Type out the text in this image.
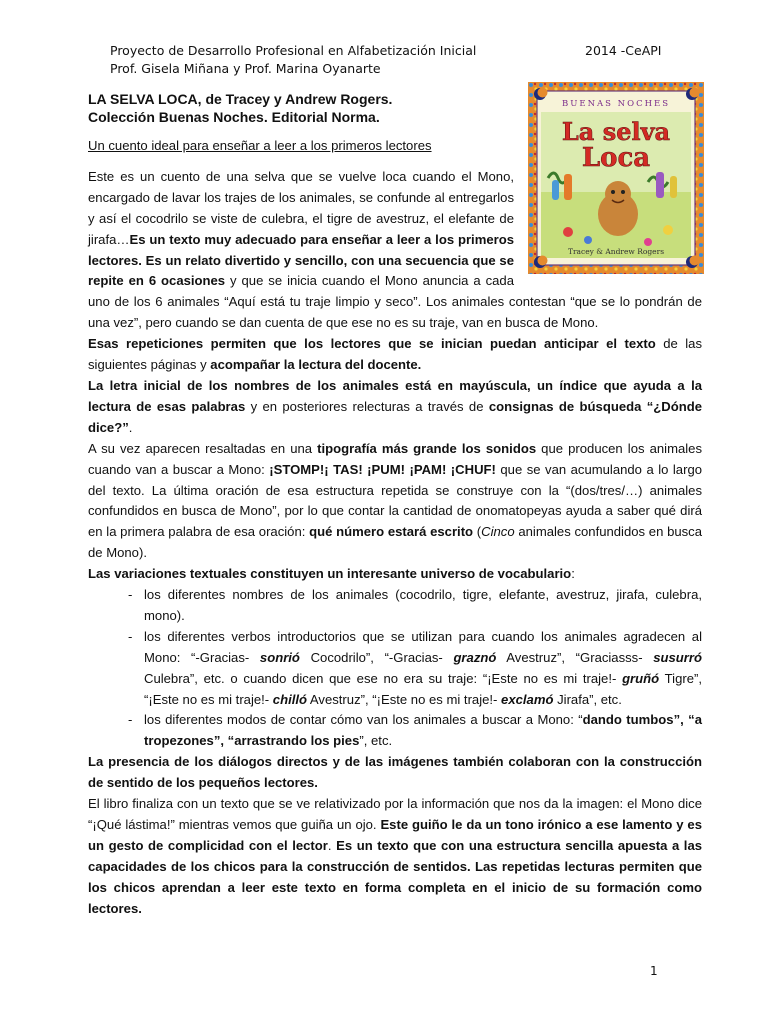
Proyecto de Desarrollo Profesional en Alfabetización Inicial
Prof. Gisela Miñana y Prof. Marina Oyanarte
2014 -CeAPI
BUENAS NOCHES
La selva
Loca
Tracey & Andrew Rogers

LA SELVA LOCA, de Tracey y Andrew Rogers.
Colección Buenas Noches. Editorial Norma.

Un cuento ideal para enseñar a leer a los primeros lectores

Este es un cuento de una selva que se vuelve loca cuando el Mono, encargado de lavar los trajes de los animales, se confunde al entregarlos y así el cocodrilo se viste de culebra, el tigre de avestruz, el elefante de jirafa…Es un texto muy adecuado para enseñar a leer a los primeros lectores. Es un relato divertido y sencillo, con una secuencia que se repite en 6 ocasiones y que se inicia cuando el Mono anuncia a cada uno de los 6 animales “Aquí está tu traje limpio y seco”. Los animales contestan “que se lo pondrán de una vez”, pero cuando se dan cuenta de que ese no es su traje, van en busca de Mono.

Esas repeticiones permiten que los lectores que se inician puedan anticipar el texto de las siguientes páginas y acompañar la lectura del docente.

La letra inicial de los nombres de los animales está en mayúscula, un índice que ayuda a la lectura de esas palabras y en posteriores relecturas a través de consignas de búsqueda “¿Dónde dice?”.

A su vez aparecen resaltadas en una tipografía más grande los sonidos que producen los animales cuando van a buscar a Mono: ¡STOMP!¡ TAS! ¡PUM! ¡PAM! ¡CHUF! que se van acumulando a lo largo del texto. La última oración de esa estructura repetida se construye con la “(dos/tres/…) animales confundidos en busca de Mono”, por lo que contar la cantidad de onomatopeyas ayuda a saber qué dirá en la primera palabra de esa oración: qué número estará escrito (Cinco animales confundidos en busca de Mono).

Las variaciones textuales constituyen un interesante universo de vocabulario:

- los diferentes nombres de los animales (cocodrilo, tigre, elefante, avestruz, jirafa, culebra, mono).
- los diferentes verbos introductorios que se utilizan para cuando los animales agradecen al Mono: “-Gracias- sonrió Cocodrilo”, “-Gracias- graznó Avestruz”, “Graciasss- susurró Culebra”, etc. o cuando dicen que ese no era su traje: “¡Este no es mi traje!- gruñó Tigre”, “¡Este no es mi traje!- chilló Avestruz”, “¡Este no es mi traje!- exclamó Jirafa”, etc.
- los diferentes modos de contar cómo van los animales a buscar a Mono: “dando tumbos”, “a tropezones”, “arrastrando los pies”, etc.

La presencia de los diálogos directos y de las imágenes también colaboran con la construcción de sentido de los pequeños lectores.

El libro finaliza con un texto que se ve relativizado por la información que nos da la imagen: el Mono dice “¡Qué lástima!” mientras vemos que guiña un ojo. Este guiño le da un tono irónico a ese lamento y es un gesto de complicidad con el lector. Es un texto que con una estructura sencilla apuesta a las capacidades de los chicos para la construcción de sentidos. Las repetidas lecturas permiten que los chicos aprendan a leer este texto en forma completa en el inicio de su formación como lectores.

1
